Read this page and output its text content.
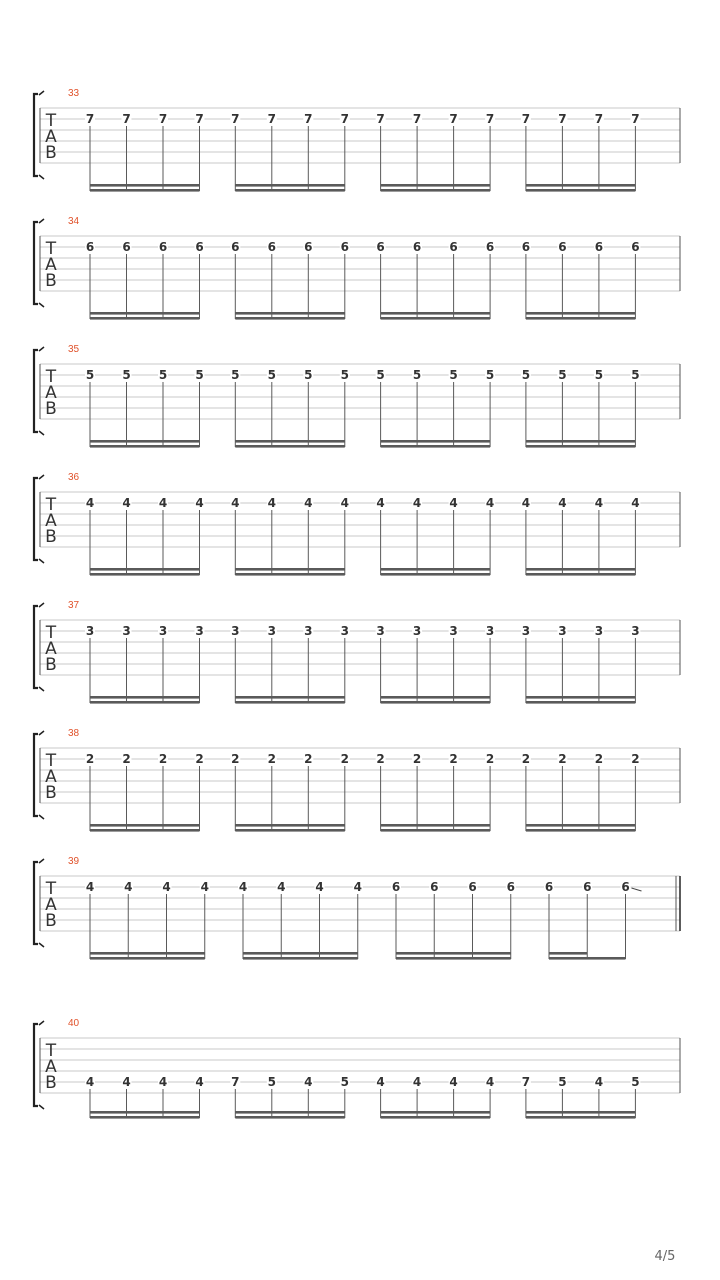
T
A
B
33
7 7 7 7 7 7 7 7 7 7 7 7 7 7 7 7
T
A
B
34
6 6 6 6 6 6 6 6 6 6 6 6 6 6 6 6
T
A
B
35
5 5 5 5 5 5 5 5 5 5 5 5 5 5 5 5
T
A
B
36
4 4 4 4 4 4 4 4 4 4 4 4 4 4 4 4
T
A
B
37
3 3 3 3 3 3 3 3 3 3 3 3 3 3 3 3
T
A
B
38
2 2 2 2 2 2 2 2 2 2 2 2 2 2 2 2
T
A
B
39
4 4 4 4 4 4 4 4 6 6 6 6 6 6 6
T
A
B
40
4 4 4 4 7 5 4 5 4 4 4 4 7 5 4 5
4/5
